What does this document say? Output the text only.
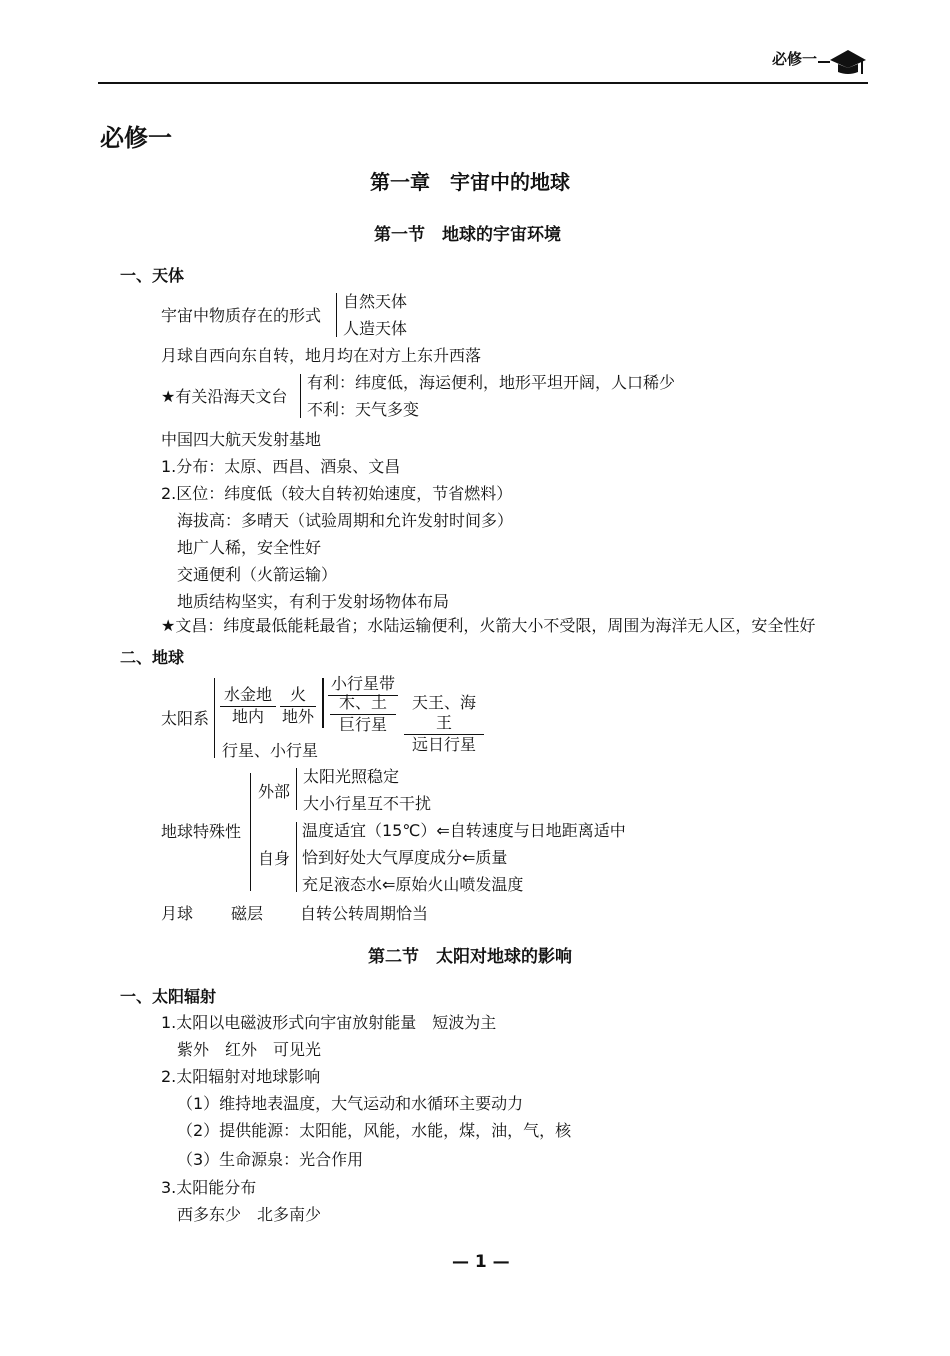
必修一
必修一
第一章　宇宙中的地球
第一节　地球的宇宙环境
一、天体
宇宙中物质存在的形式
自然天体
人造天体
月球自西向东自转，地月均在对方上东升西落
★有关沿海天文台
有利：纬度低，海运便利，地形平坦开阔，人口稀少
不利：天气多变
中国四大航天发射基地
1.分布：太原、西昌、酒泉、文昌
2.区位：纬度低（较大自转初始速度，节省燃料）
海拔高：多晴天（试验周期和允许发射时间多）
地广人稀，安全性好
交通便利（火箭运输）
地质结构坚实，有利于发射场物体布局
★文昌：纬度最低能耗最省；水陆运输便利，火箭大小不受限，周围为海洋无人区，安全性好
二、地球
太阳系
水金地
地内
火
地外
小行星带
木、土
巨行星
天王、海王
远日行星
行星、小行星
地球特殊性
外部
太阳光照稳定
大小行星互不干扰
自身
温度适宜（15℃）⇐自转速度与日地距离适中
恰到好处大气厚度成分⇐质量
充足液态水⇐原始火山喷发温度
月球 磁层 自转公转周期恰当
第二节　太阳对地球的影响
一、太阳辐射
1.太阳以电磁波形式向宇宙放射能量　短波为主
紫外　红外　可见光
2.太阳辐射对地球影响
（1）维持地表温度，大气运动和水循环主要动力
（2）提供能源：太阳能，风能，水能，煤，油，气，核
（3）生命源泉：光合作用
3.太阳能分布
西多东少　北多南少
— 1 —
